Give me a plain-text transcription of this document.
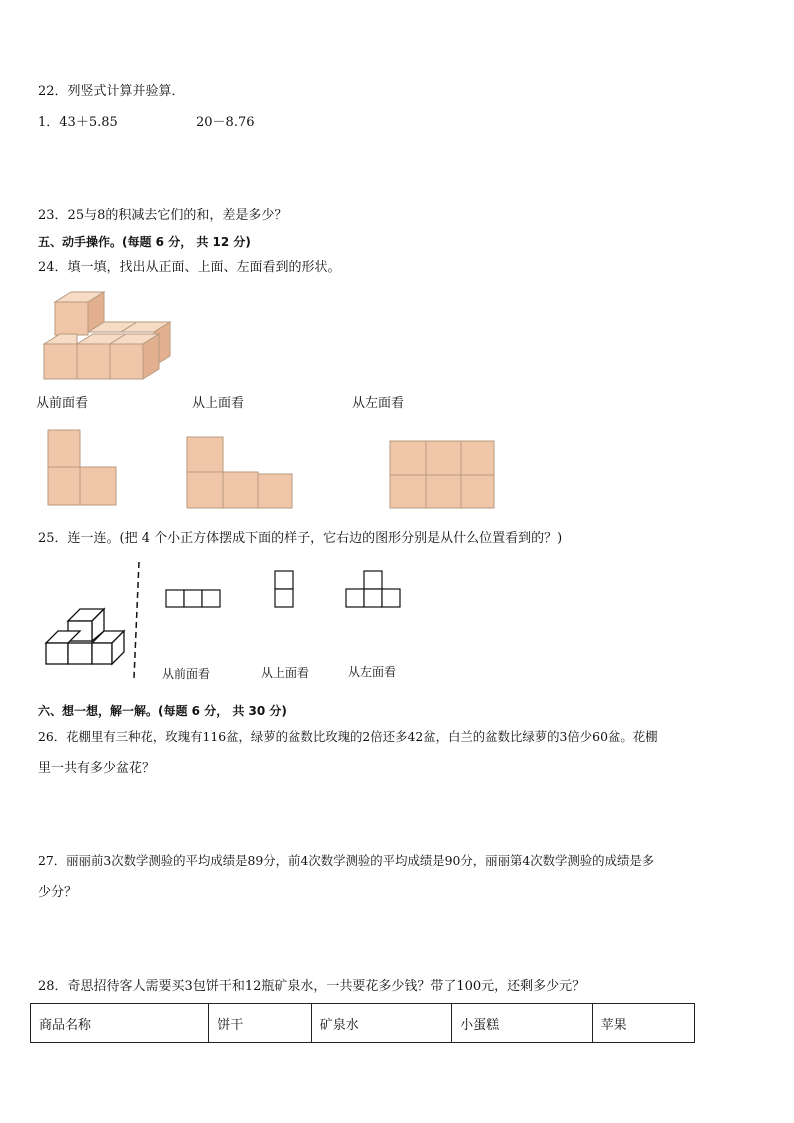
22．列竖式计算并验算．
1．43＋5.85	20－8.76
23．25与8的积减去它们的和，差是多少？
五、动手操作。(每题 6 分， 共 12 分)
24．填一填，找出从正面、上面、左面看到的形状。
从前面看	从上面看	从左面看
25．连一连。(把 4 个小正方体摆成下面的样子，它右边的图形分别是从什么位置看到的？)
从前面看	从上面看	从左面看
六、想一想，解一解。(每题 6 分， 共 30 分)
26．花棚里有三种花，玫瑰有116盆，绿萝的盆数比玫瑰的2倍还多42盆，白兰的盆数比绿萝的3倍少60盆。花棚
里一共有多少盆花？
27．丽丽前3次数学测验的平均成绩是89分，前4次数学测验的平均成绩是90分，丽丽第4次数学测验的成绩是多
少分？
28．奇思招待客人需要买3包饼干和12瓶矿泉水，一共要花多少钱？带了100元，还剩多少元？
商品名称	饼干	矿泉水	小蛋糕	苹果
